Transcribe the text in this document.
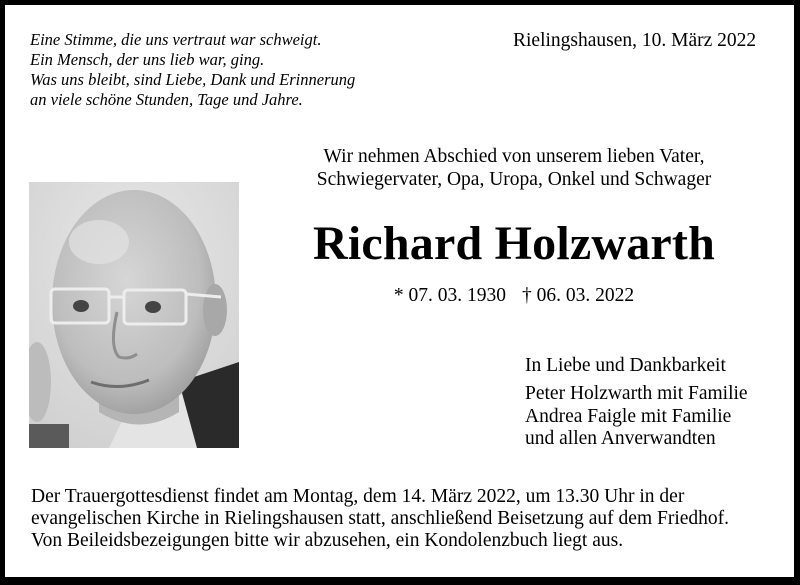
Eine Stimme, die uns vertraut war schweigt.
Ein Mensch, der uns lieb war, ging.
Was uns bleibt, sind Liebe, Dank und Erinnerung
an viele schöne Stunden, Tage und Jahre.
Rielingshausen, 10. März 2022
Wir nehmen Abschied von unserem lieben Vater,
Schwiegervater, Opa, Uropa, Onkel und Schwager
Richard Holzwarth
* 07. 03. 1930 † 06. 03. 2022
In Liebe und Dankbarkeit
Peter Holzwarth mit Familie
Andrea Faigle mit Familie
und allen Anverwandten
Der Trauergottesdienst findet am Montag, dem 14. März 2022, um 13.30 Uhr in der
evangelischen Kirche in Rielingshausen statt, anschließend Beisetzung auf dem Friedhof.
Von Beileidsbezeigungen bitte wir abzusehen, ein Kondolenzbuch liegt aus.
